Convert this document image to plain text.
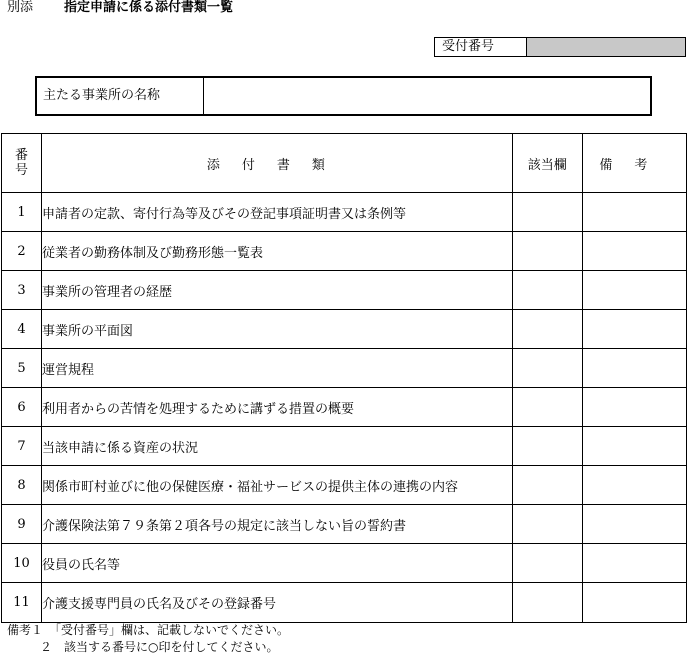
別添 指定申請に係る添付書類一覧
受付番号
主たる事業所の名称
番
号	添付書類	該当欄	備考
1	申請者の定款、寄付行為等及びその登記事項証明書又は条例等		
2	従業者の勤務体制及び勤務形態一覧表		
3	事業所の管理者の経歴		
4	事業所の平面図		
5	運営規程		
6	利用者からの苦情を処理するために講ずる措置の概要		
7	当該申請に係る資産の状況		
8	関係市町村並びに他の保健医療・福祉サービスの提供主体の連携の内容		
9	介護保険法第７９条第２項各号の規定に該当しない旨の誓約書		
10	役員の氏名等		
11	介護支援専門員の氏名及びその登録番号		
備考１　「受付番号」欄は、記載しないでください。
２　該当する番号に○印を付してください。
